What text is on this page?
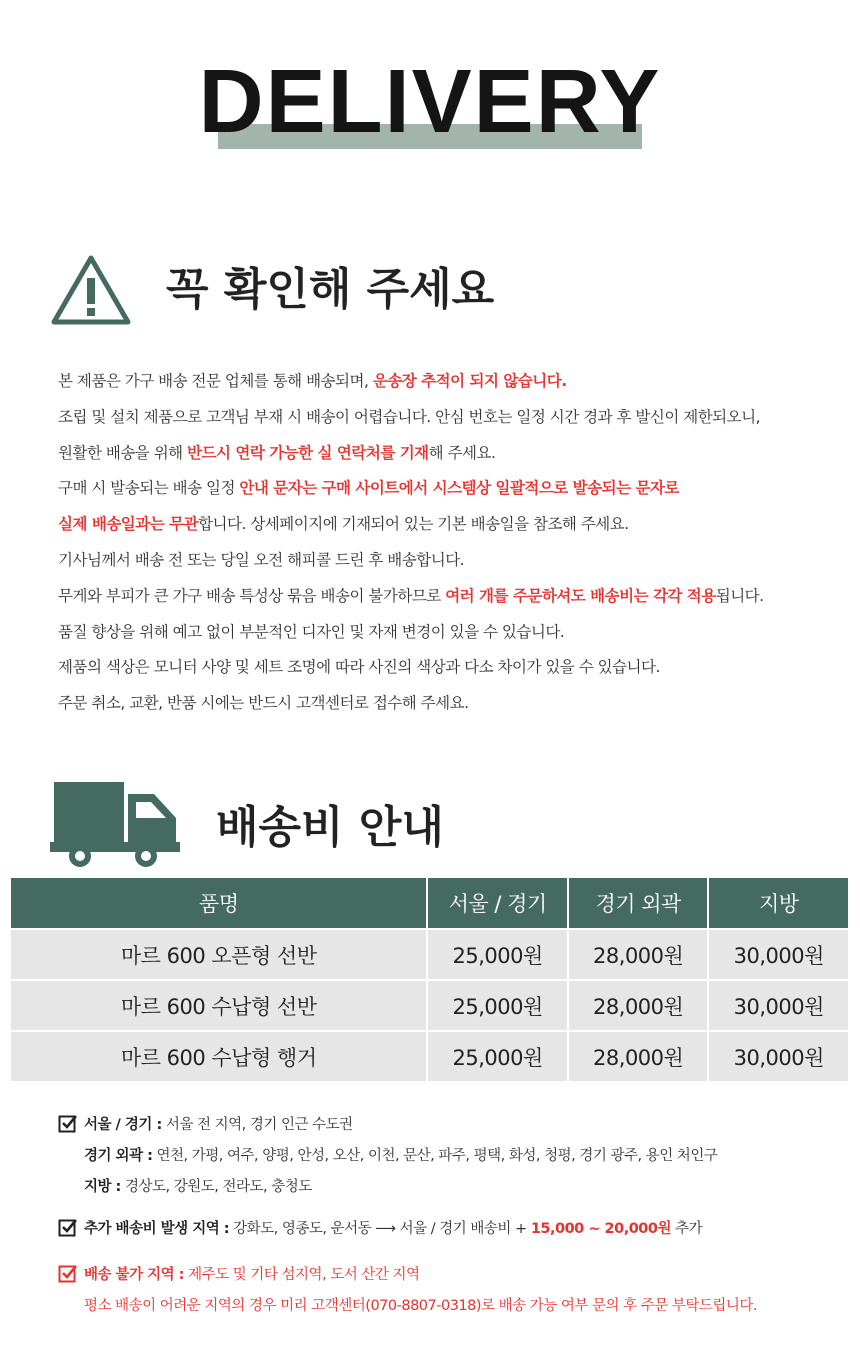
DELIVERY
꼭 확인해 주세요
본 제품은 가구 배송 전문 업체를 통해 배송되며, 운송장 추적이 되지 않습니다.
조립 및 설치 제품으로 고객님 부재 시 배송이 어렵습니다. 안심 번호는 일정 시간 경과 후 발신이 제한되오니,
원활한 배송을 위해 반드시 연락 가능한 실 연락처를 기재해 주세요.
구매 시 발송되는 배송 일정 안내 문자는 구매 사이트에서 시스템상 일괄적으로 발송되는 문자로
실제 배송일과는 무관합니다. 상세페이지에 기재되어 있는 기본 배송일을 참조해 주세요.
기사님께서 배송 전 또는 당일 오전 해피콜 드린 후 배송합니다.
무게와 부피가 큰 가구 배송 특성상 묶음 배송이 불가하므로 여러 개를 주문하셔도 배송비는 각각 적용됩니다.
품질 향상을 위해 예고 없이 부분적인 디자인 및 자재 변경이 있을 수 있습니다.
제품의 색상은 모니터 사양 및 세트 조명에 따라 사진의 색상과 다소 차이가 있을 수 있습니다.
주문 취소, 교환, 반품 시에는 반드시 고객센터로 접수해 주세요.
배송비 안내
품명	서울 / 경기	경기 외곽	지방
마르 600 오픈형 선반	25,000원	28,000원	30,000원
마르 600 수납형 선반	25,000원	28,000원	30,000원
마르 600 수납형 행거	25,000원	28,000원	30,000원
서울 / 경기 : 서울 전 지역, 경기 인근 수도권
경기 외곽 : 연천, 가평, 여주, 양평, 안성, 오산, 이천, 문산, 파주, 평택, 화성, 청평, 경기 광주, 용인 처인구
지방 : 경상도, 강원도, 전라도, 충청도
추가 배송비 발생 지역 : 강화도, 영종도, 운서동 ⟶ 서울 / 경기 배송비 + 15,000 ~ 20,000원 추가
배송 불가 지역 : 제주도 및 기타 섬지역, 도서 산간 지역
평소 배송이 어려운 지역의 경우 미리 고객센터(070-8807-0318)로 배송 가능 여부 문의 후 주문 부탁드립니다.
